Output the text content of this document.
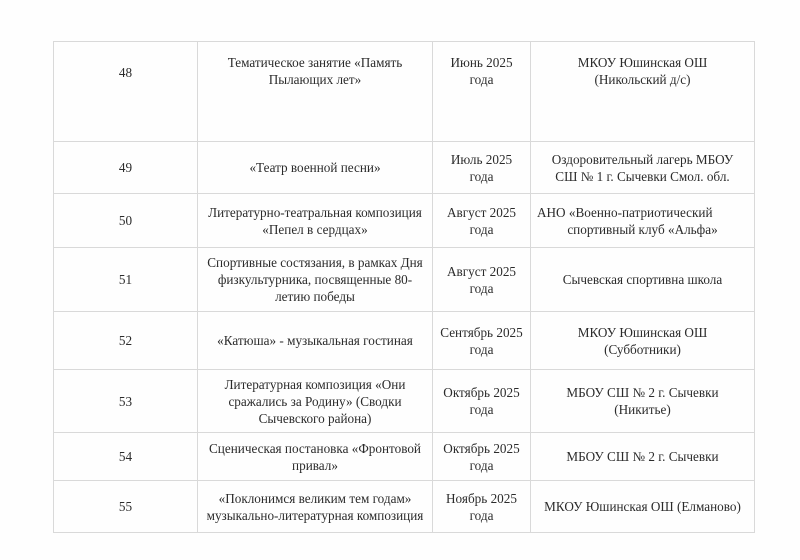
48	Тематическое занятие «Память
Пылающих лет»	Июнь 2025
года	МКОУ Юшинская ОШ
(Никольский д/с)

49	«Театр военной песни»	Июль 2025
года	Оздоровительный лагерь МБОУ
СШ № 1 г. Сычевки Смол. обл.

50	Литературно-театральная композиция
«Пепел в сердцах»	Август 2025
года	АНО «Военно-патриотический
спортивный клуб «Альфа»

51	Спортивные состязания, в рамках Дня
физкультурника, посвященные 80-
летию победы	Август 2025
года	Сычевская спортивна школа

52	«Катюша» - музыкальная гостиная	Сентябрь 2025
года	МКОУ Юшинская ОШ
(Субботники)

53	Литературная композиция «Они
сражались за Родину» (Сводки
Сычевского района)	Октябрь 2025
года	МБОУ СШ № 2 г. Сычевки
(Никитье)

54	Сценическая постановка «Фронтовой
привал»	Октябрь 2025
года	МБОУ СШ № 2 г. Сычевки

55	«Поклонимся великим тем годам»
музыкально-литературная композиция	Ноябрь 2025
года	МКОУ Юшинская ОШ (Елманово)
